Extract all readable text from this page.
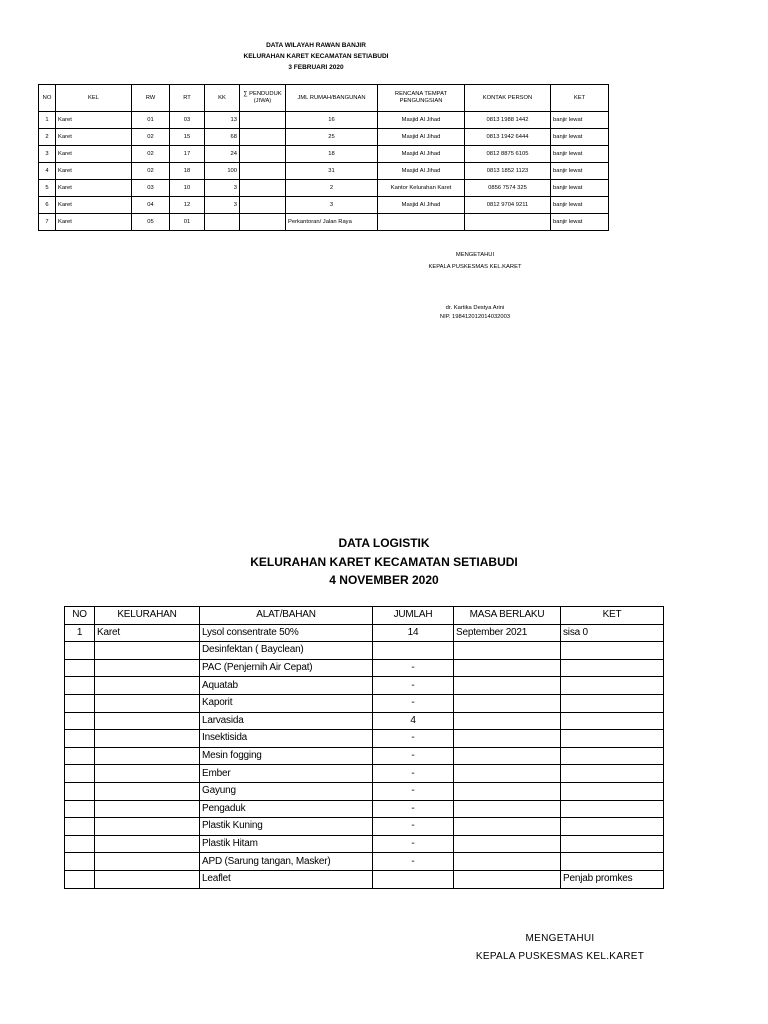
DATA WILAYAH RAWAN BANJIR
KELURAHAN KARET KECAMATAN SETIABUDI
3 FEBRUARI 2020
NO	KEL	RW	RT	KK	∑ PENDUDUK (JIWA)	JML RUMAH/BANGUNAN	RENCANA TEMPAT PENGUNGSIAN	KONTAK PERSON	KET
1	Karet	01	03	13		16	Masjid Al Jihad	0813 1988 1442	banjir lewat
2	Karet	02	15	68		25	Masjid Al Jihad	0813 1942 6444	banjir lewat
3	Karet	02	17	24		18	Masjid Al Jihad	0812 8875 6105	banjir lewat
4	Karet	02	18	100		31	Masjid Al Jihad	0813 1852 1123	banjir lewat
5	Karet	03	10	3		2	Kantor Kelurahan Karet	0856 7574 325	banjir lewat
6	Karet	04	12	3		3	Masjid Al Jihad	0812 9704 9211	banjir lewat
7	Karet	05	01			Perkantoran/ Jalan Raya			banjir lewat
MENGETAHUI
KEPALA PUSKESMAS KEL.KARET
dr. Kartika Destya Arini
NIP. 198412012014032003
DATA LOGISTIK
KELURAHAN KARET KECAMATAN SETIABUDI
4 NOVEMBER 2020
NO	KELURAHAN	ALAT/BAHAN	JUMLAH	MASA BERLAKU	KET
1	Karet	Lysol consentrate 50%	14	September 2021	sisa 0
		Desinfektan ( Bayclean)			
		PAC (Penjernih Air Cepat)	-		
		Aquatab	-		
		Kaporit	-		
		Larvasida	4		
		Insektisida	-		
		Mesin fogging	-		
		Ember	-		
		Gayung	-		
		Pengaduk	-		
		Plastik Kuning	-		
		Plastik Hitam	-		
		APD (Sarung tangan, Masker)	-		
		Leaflet			Penjab promkes
MENGETAHUI
KEPALA PUSKESMAS KEL.KARET
